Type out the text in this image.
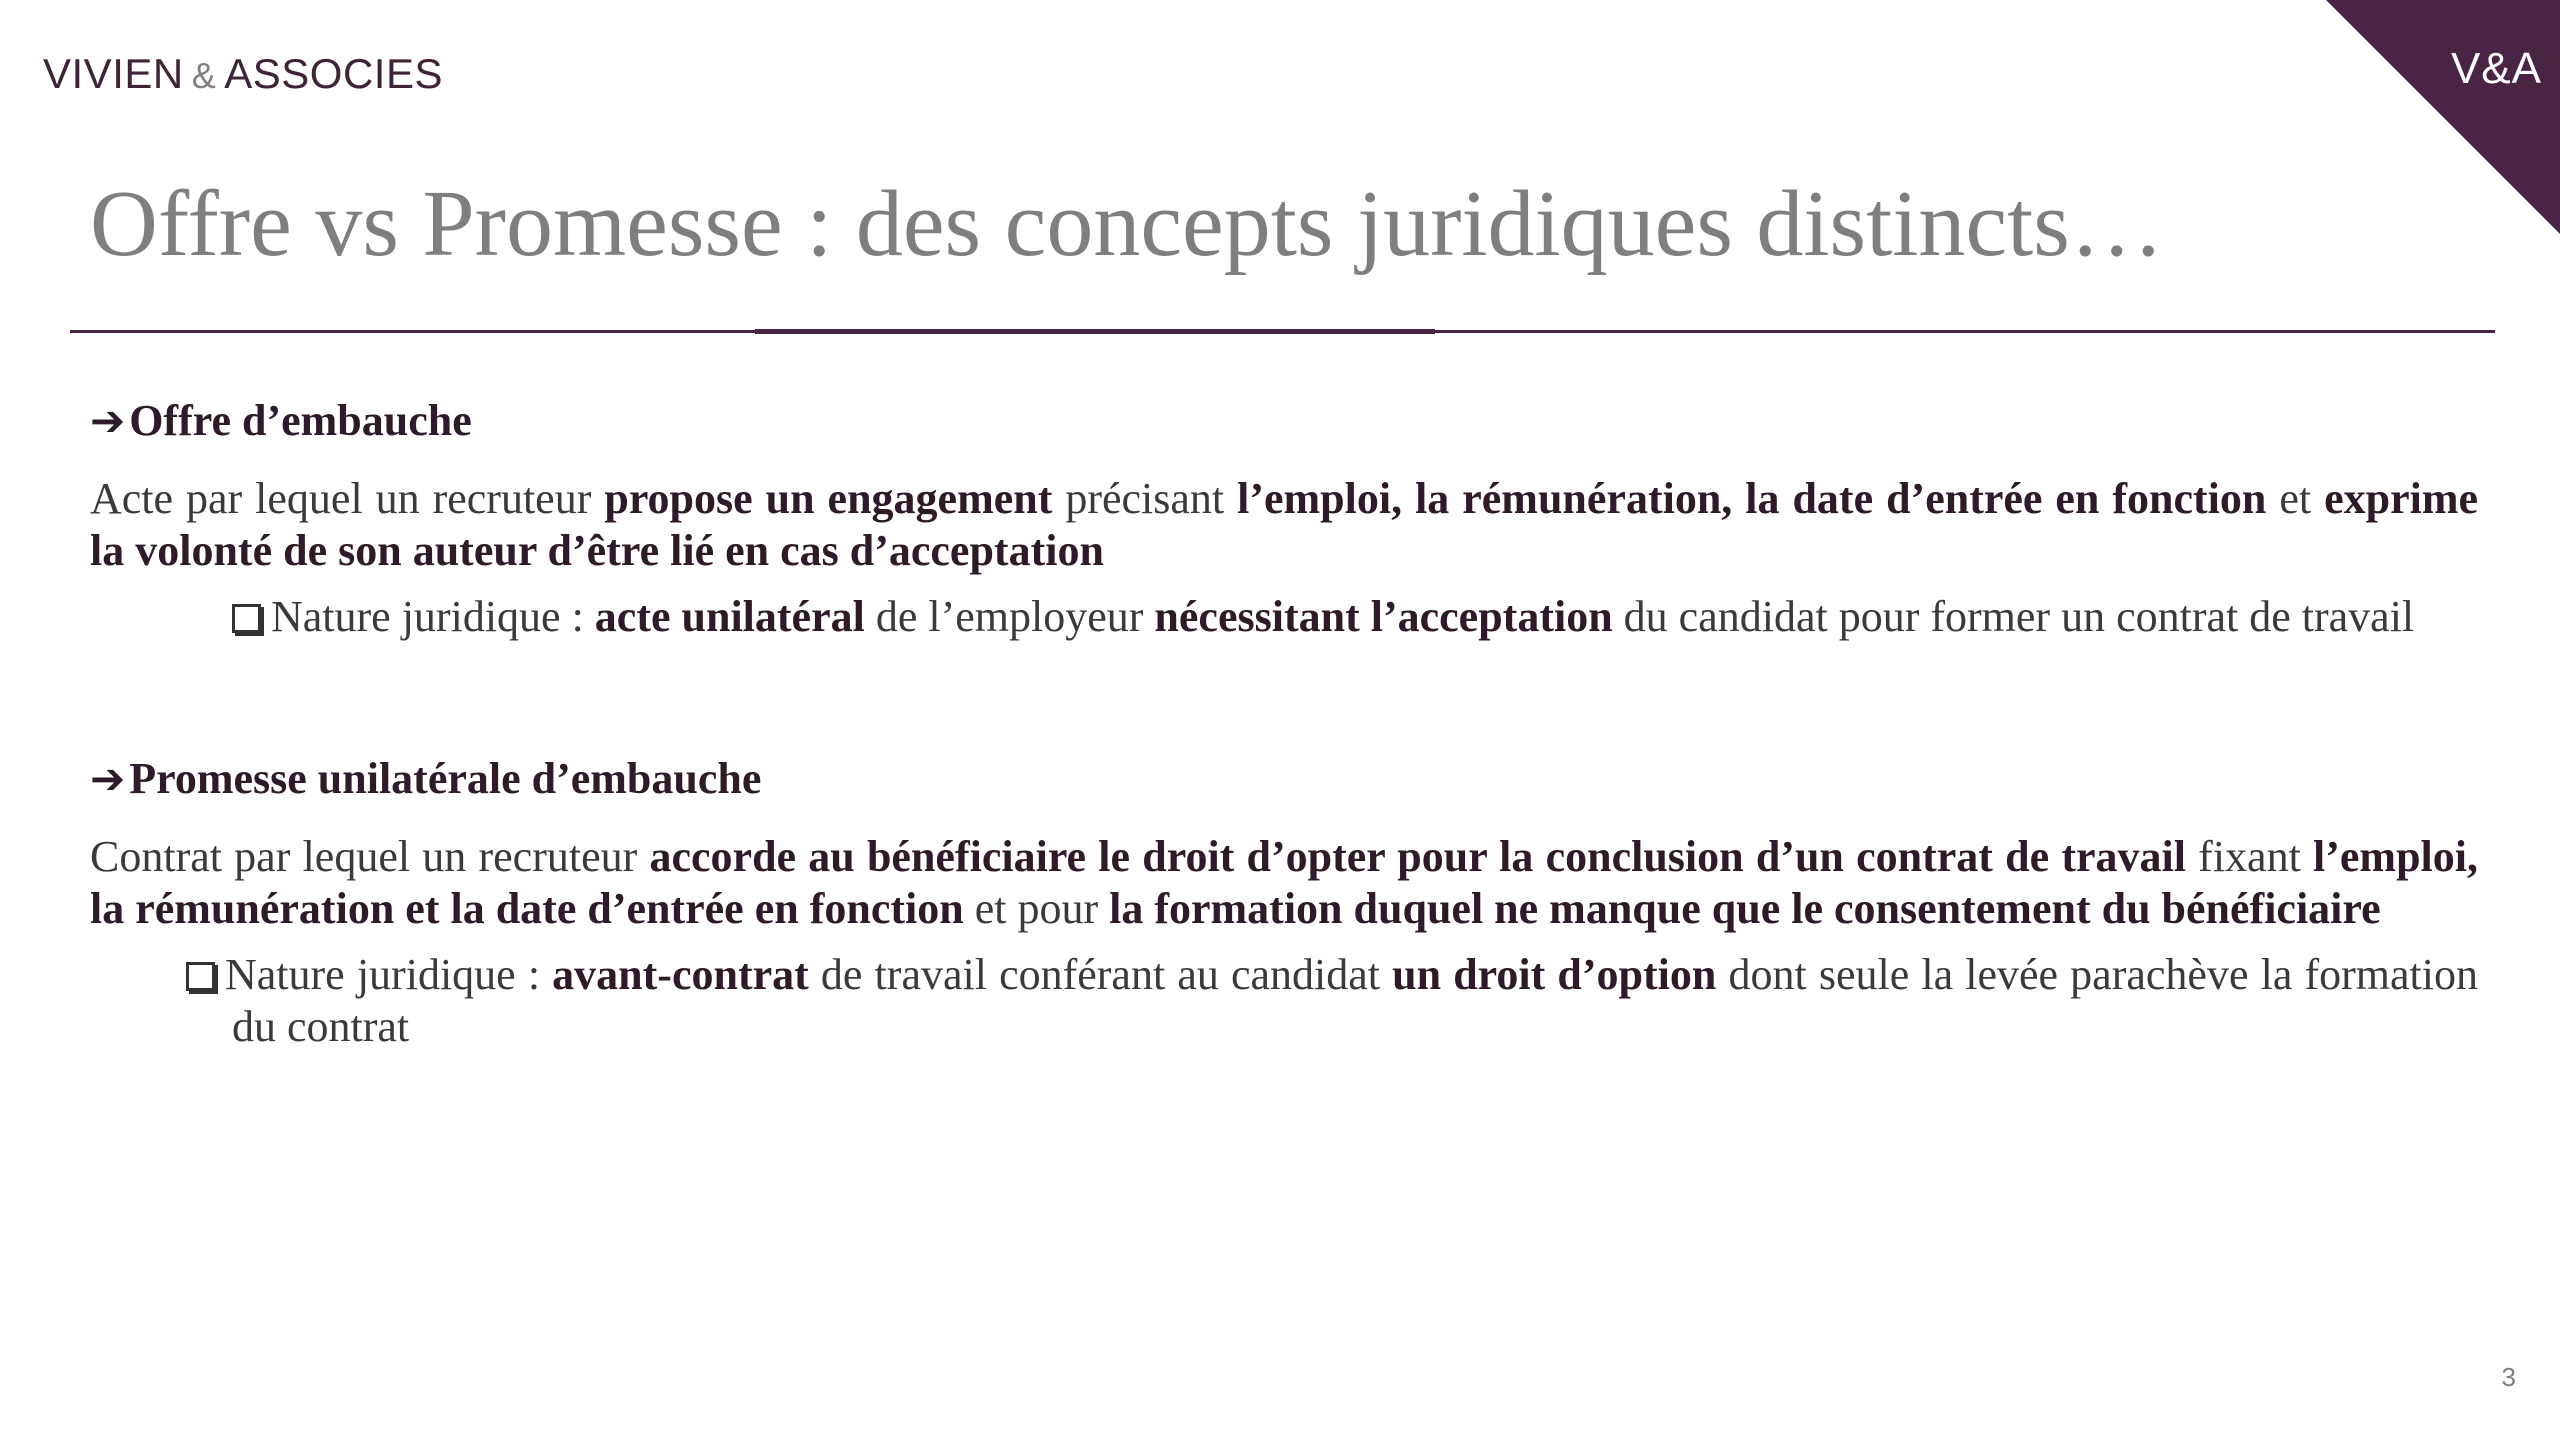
VIVIEN & ASSOCIES	V&A
Offre vs Promesse : des concepts juridiques distincts…

➔Offre d’embauche

Acte par lequel un recruteur propose un engagement précisant l’emploi, la rémunération, la date d’entrée en fonction et exprime la volonté de son auteur d’être lié en cas d’acceptation

Nature juridique : acte unilatéral de l’employeur nécessitant l’acceptation du candidat pour former un contrat de travail

➔Promesse unilatérale d’embauche

Contrat par lequel un recruteur accorde au bénéficiaire le droit d’opter pour la conclusion d’un contrat de travail fixant l’emploi, la rémunération et la date d’entrée en fonction et pour la formation duquel ne manque que le consentement du bénéficiaire

Nature juridique : avant-contrat de travail conférant au candidat un droit d’option dont seule la levée parachève la formation du contrat

3
